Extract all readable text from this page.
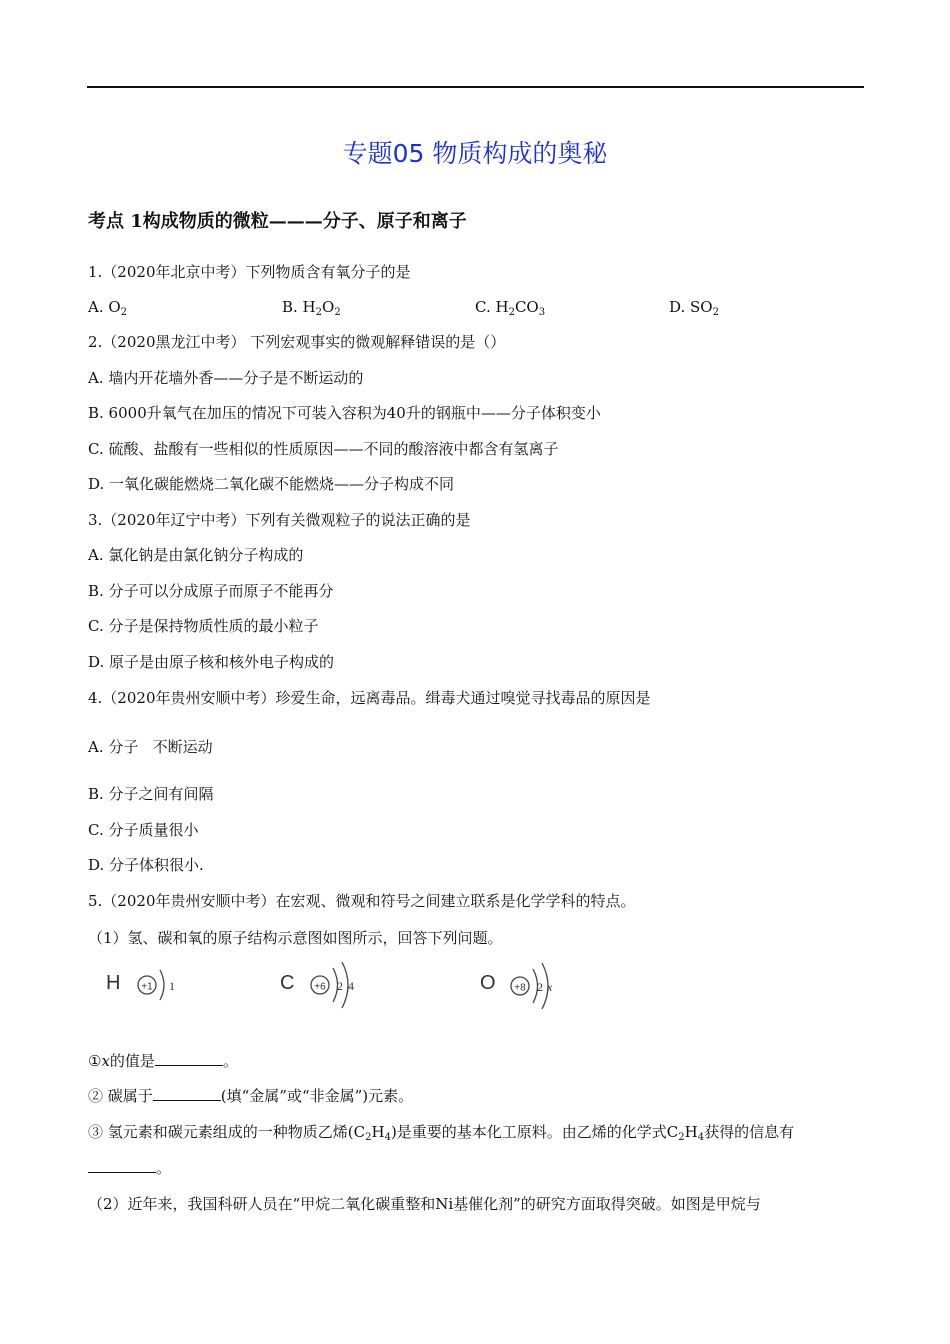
专题05 物质构成的奥秘
考点 1构成物质的微粒———分子、原子和离子
1.（2020年北京中考）下列物质含有氧分子的是
A. $O_2$	B. $H_2O_2$	C. $H_2CO_3$	D. $SO_2$
2.（2020黑龙江中考） 下列宏观事实的微观解释错误的是（）
A. 墙内开花墙外香——分子是不断运动的
B. 6000升氧气在加压的情况下可装入容积为40升的钢瓶中——分子体积变小
C. 硫酸、盐酸有一些相似的性质原因——不同的酸溶液中都含有氢离子
D. 一氧化碳能燃烧二氧化碳不能燃烧——分子构成不同
3.（2020年辽宁中考）下列有关微观粒子的说法正确的是
A. 氯化钠是由氯化钠分子构成的
B. 分子可以分成原子而原子不能再分
C. 分子是保持物质性质的最小粒子
D. 原子是由原子核和核外电子构成的
4.（2020年贵州安顺中考）珍爱生命，远离毒品。缉毒犬通过嗅觉寻找毒品的原因是
A. 分子   不断运动
B. 分子之间有间隔
C. 分子质量很小
D. 分子体积很小.
5.（2020年贵州安顺中考）在宏观、微观和符号之间建立联系是化学学科的特点。
（1）氢、碳和氧的原子结构示意图如图所示，回答下列问题。
H +1 1	C +6 2 4	O +8 2 x
①x的值是	。
② 碳属于	(填“金属”或“非金属”)元素。
③ 氢元素和碳元素组成的一种物质乙烯$(C_2H_4)$是重要的基本化工原料。由乙烯的化学式$C_2H_4$获得的信息有
。
（2）近年来，我国科研人员在“甲烷二氧化碳重整和Ni基催化剂”的研究方面取得突破。如图是甲烷与
